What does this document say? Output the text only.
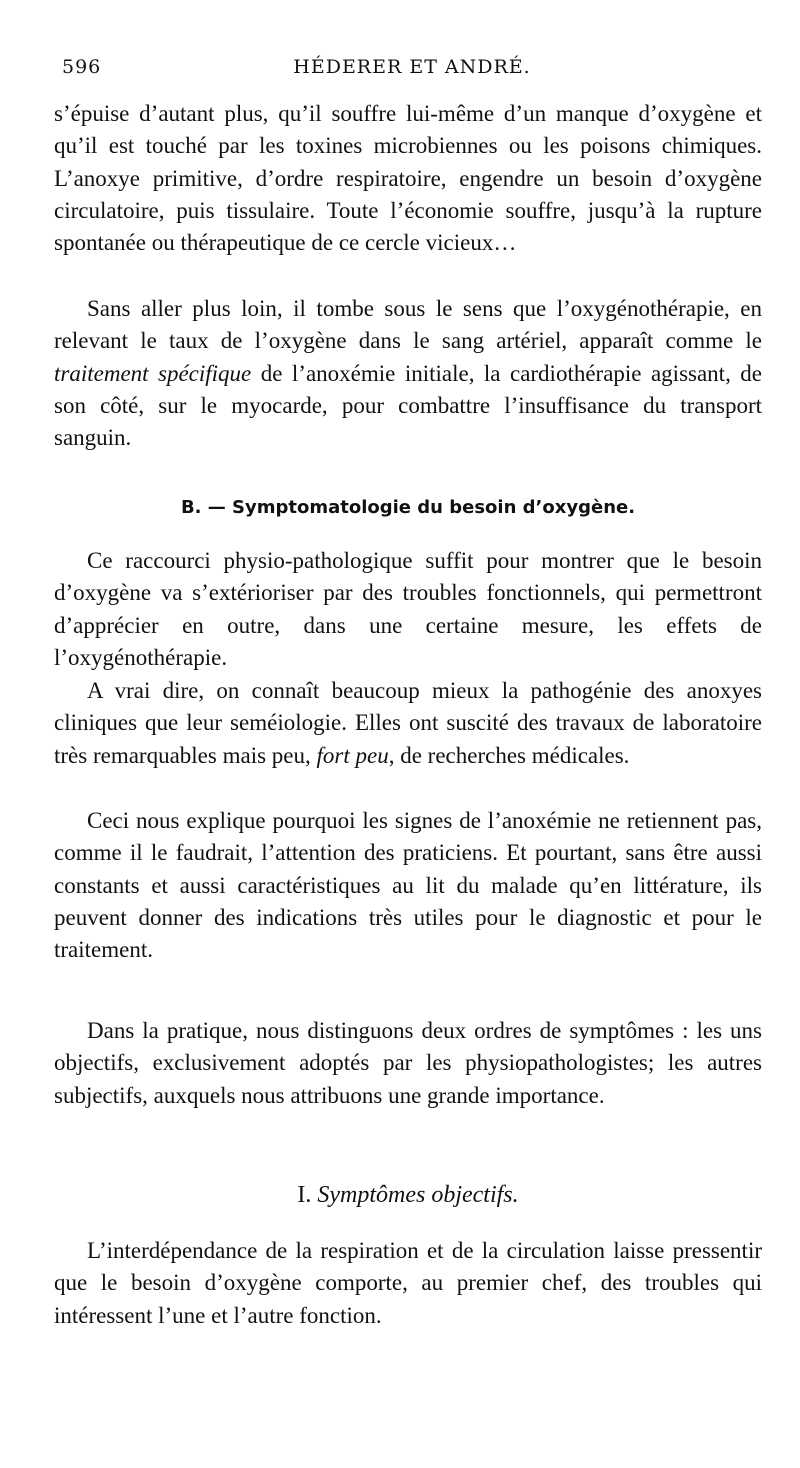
596	HÉDERER ET ANDRÉ.

s’épuise d’autant plus, qu’il souffre lui-même d’un manque d’oxygène et qu’il est touché par les toxines microbiennes ou les poisons chimiques. L’anoxye primitive, d’ordre respiratoire, engendre un besoin d’oxygène circulatoire, puis tissulaire. Toute l’économie souffre, jusqu’à la rupture spontanée ou thérapeutique de ce cercle vicieux…

Sans aller plus loin, il tombe sous le sens que l’oxygénothérapie, en relevant le taux de l’oxygène dans le sang artériel, apparaît comme le traitement spécifique de l’anoxémie initiale, la cardiothérapie agissant, de son côté, sur le myocarde, pour combattre l’insuffisance du transport sanguin.

B. — Symptomatologie du besoin d’oxygène.

Ce raccourci physio-pathologique suffit pour montrer que le besoin d’oxygène va s’extérioriser par des troubles fonctionnels, qui permettront d’apprécier en outre, dans une certaine mesure, les effets de l’oxygénothérapie.

A vrai dire, on connaît beaucoup mieux la pathogénie des anoxyes cliniques que leur seméiologie. Elles ont suscité des travaux de laboratoire très remarquables mais peu, fort peu, de recherches médicales.

Ceci nous explique pourquoi les signes de l’anoxémie ne retiennent pas, comme il le faudrait, l’attention des praticiens. Et pourtant, sans être aussi constants et aussi caractéristiques au lit du malade qu’en littérature, ils peuvent donner des indications très utiles pour le diagnostic et pour le traitement.

Dans la pratique, nous distinguons deux ordres de symptômes : les uns objectifs, exclusivement adoptés par les physiopathologistes; les autres subjectifs, auxquels nous attribuons une grande importance.

I. Symptômes objectifs.

L’interdépendance de la respiration et de la circulation laisse pressentir que le besoin d’oxygène comporte, au premier chef, des troubles qui intéressent l’une et l’autre fonction.
